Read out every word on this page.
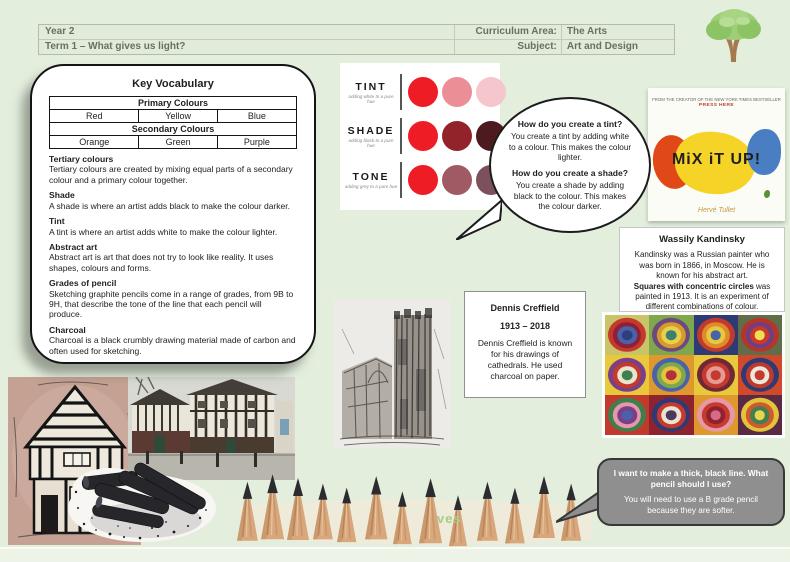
Year 2	Curriculum Area:	The Arts
Term 1 – What gives us light?	Subject:	Art and Design
Key Vocabulary
Primary Colours		
Red	Yellow	Blue
Secondary Colours		
Orange	Green	Purple
Tertiary colours
Tertiary colours are created by mixing equal parts of a secondary colour and a primary colour together.
Shade
A shade is where an artist adds black to make the colour darker.
Tint
A tint is where an artist adds white to make the colour lighter.
Abstract art
Abstract art is art that does not try to look like reality. It uses shapes, colours and forms.
Grades of pencil
Sketching graphite pencils come in a range of grades, from 9B to 9H, that describe the tone of the line that each pencil will produce.
Charcoal
Charcoal is a black crumbly drawing material made of carbon and often used for sketching.
TINT
adding white to a pure hue
SHADE
adding black to a pure hue
TONE
adding grey to a pure hue
How do you create a tint?
You create a tint by adding white to a colour. This makes the colour lighter.
How do you create a shade?
You create a shade by adding black to the colour. This makes the colour darker.
FROM THE CREATOR OF THE NEW YORK TIMES BESTSELLER
PRESS HERE
MiX iT UP!
Hervé Tullet
Wassily Kandinsky
Kandinsky was a Russian painter who was born in 1866, in Moscow. He is known for his abstract art.
Squares with concentric circles was painted in 1913. It is an experiment of different combinations of colour.
Dennis Creffield
1913 – 2018
Dennis Creffield is known for his drawings of cathedrals. He used charcoal on paper.
ves
I want to make a thick, black line. What pencil should I use?
You will need to use a B grade pencil because they are softer.
